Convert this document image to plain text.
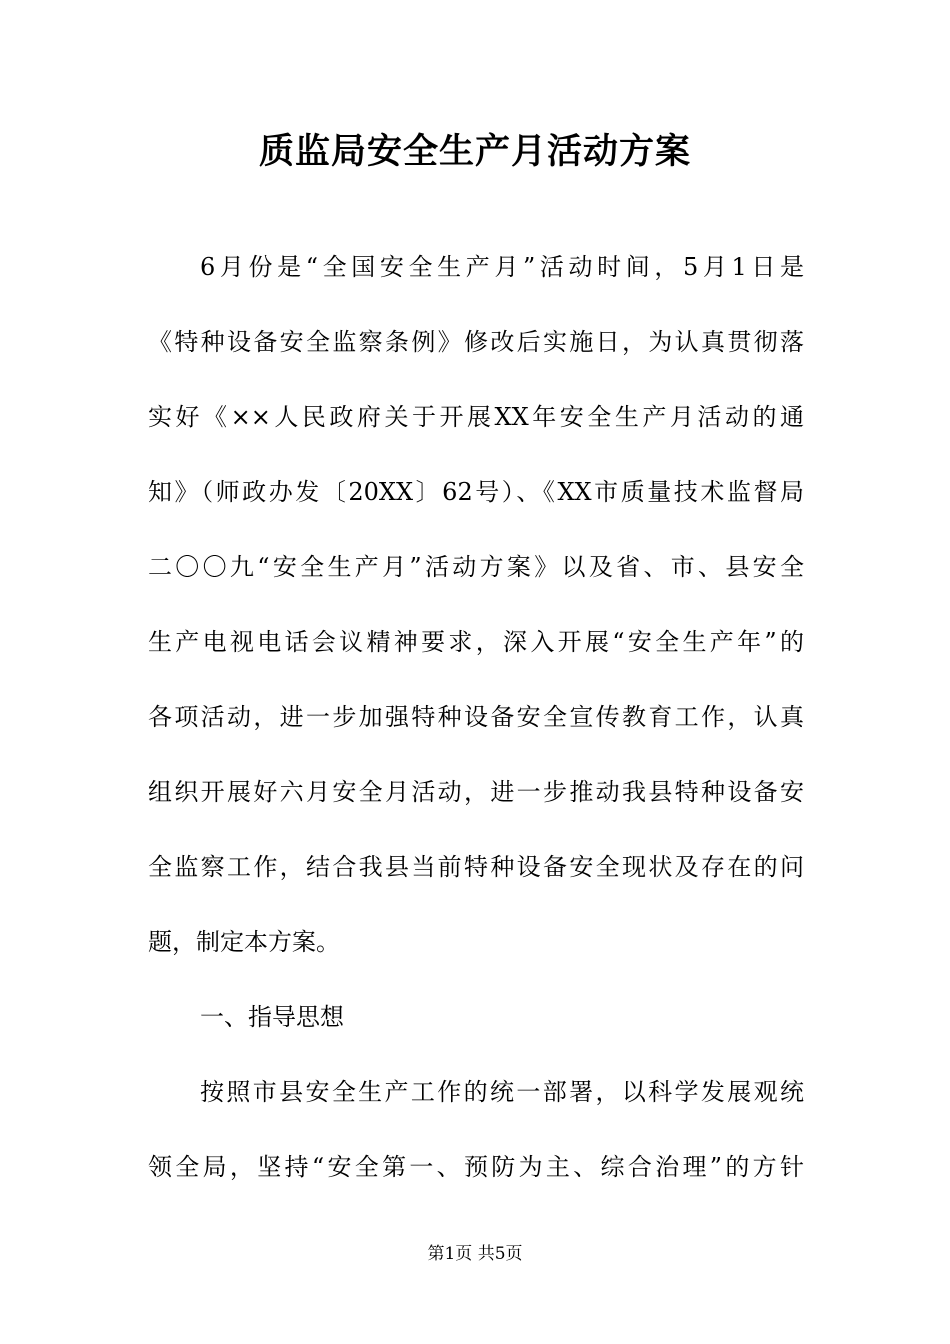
质监局安全生产月活动方案
6月份是“全国安全生产月”活动时间，5月1日是
《特种设备安全监察条例》修改后实施日，为认真贯彻落
实好《××人民政府关于开展XX年安全生产月活动的通
知》（师政办发〔20XX〕62号）、《XX市质量技术监督局
二〇〇九“安全生产月”活动方案》以及省、市、县安全
生产电视电话会议精神要求，深入开展“安全生产年”的
各项活动，进一步加强特种设备安全宣传教育工作，认真
组织开展好六月安全月活动，进一步推动我县特种设备安
全监察工作，结合我县当前特种设备安全现状及存在的问
题，制定本方案。
一、指导思想
按照市县安全生产工作的统一部署，以科学发展观统
领全局，坚持“安全第一、预防为主、综合治理”的方针
第1页 共5页
